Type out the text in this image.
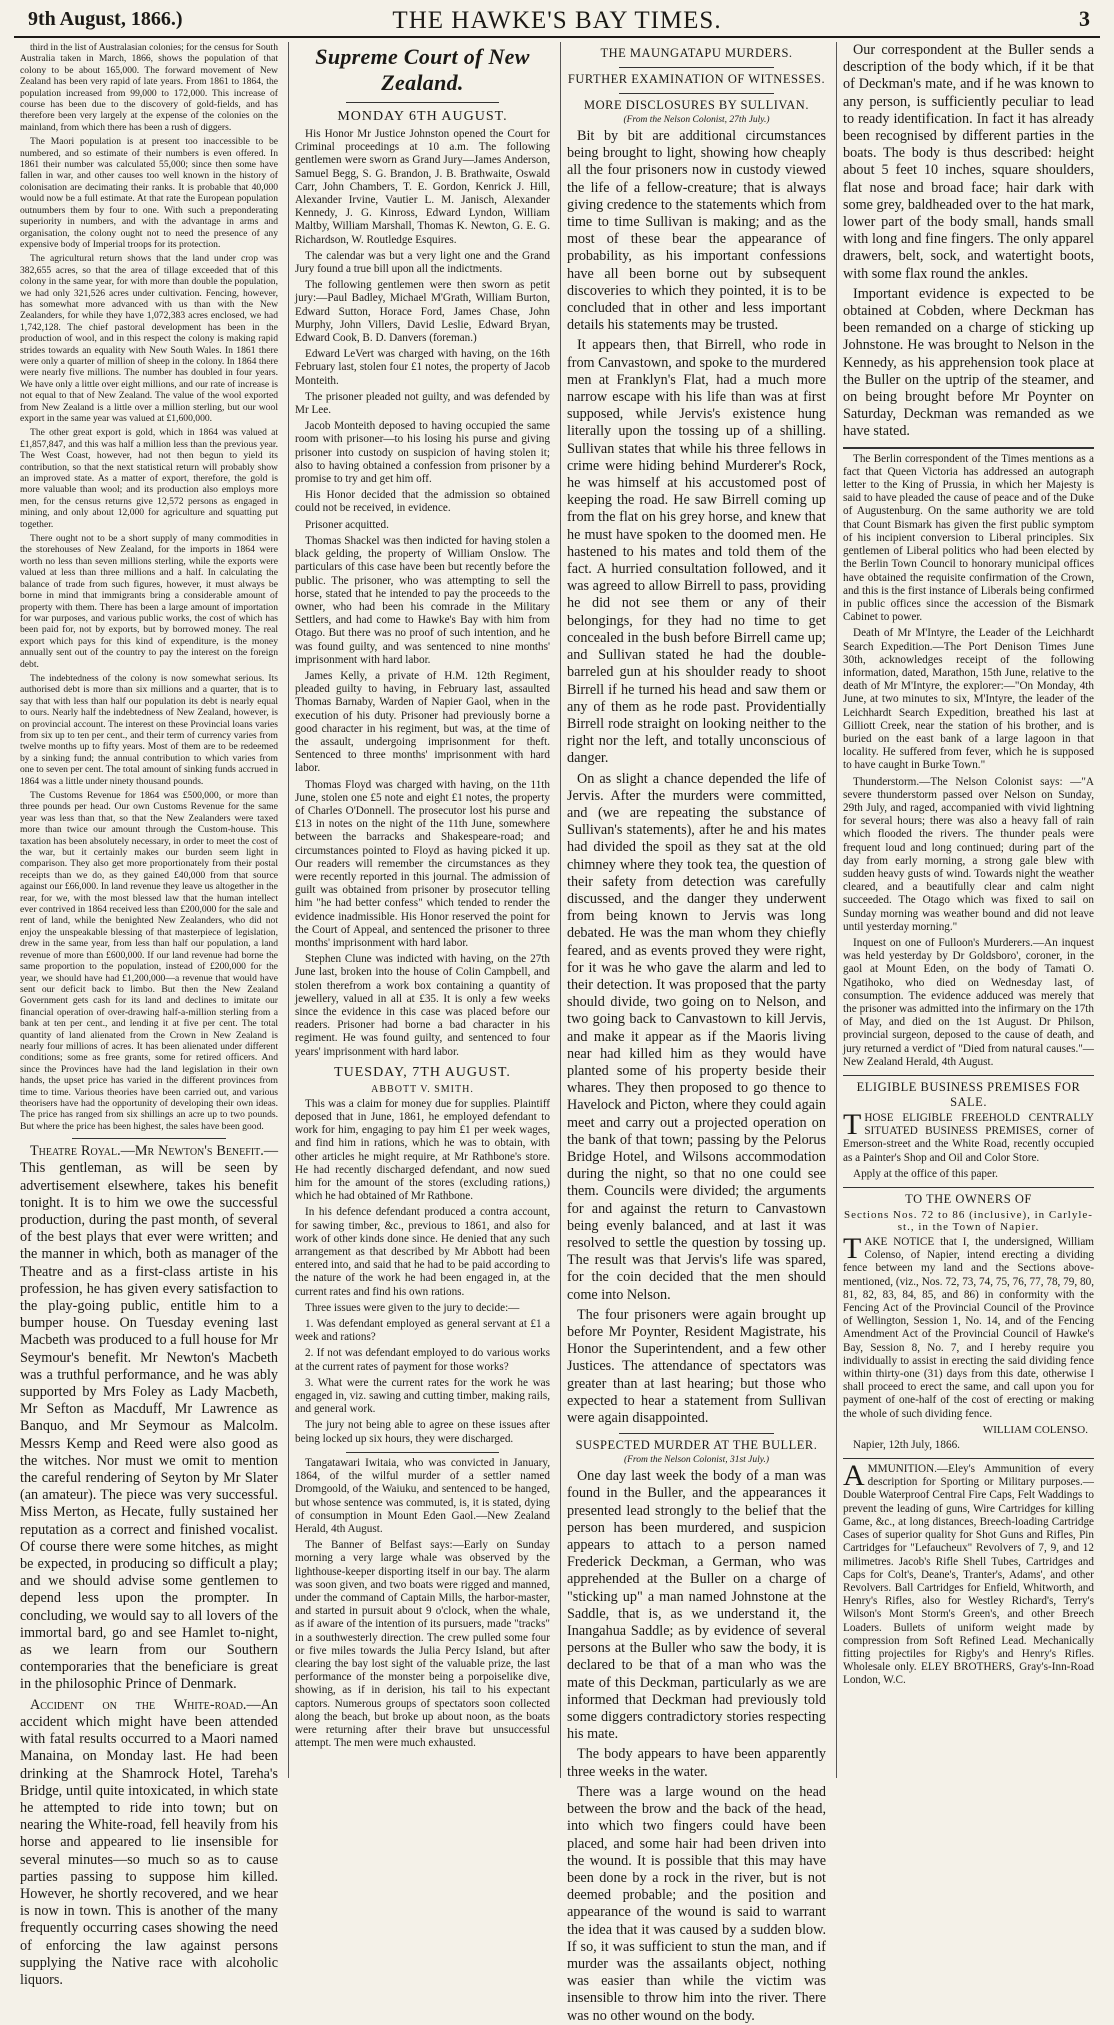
9th August, 1866.)	THE HAWKE'S BAY TIMES.	3

third in the list of Australasian colonies; for the census for South Australia taken in March, 1866, shows the population of that colony to be about 165,000. The forward movement of New Zealand has been very rapid of late years. From 1861 to 1864, the population increased from 99,000 to 172,000. This increase of course has been due to the discovery of gold-fields, and has therefore been very largely at the expense of the colonies on the mainland, from which there has been a rush of diggers.

The Maori population is at present too inaccessible to be numbered, and so estimate of their numbers is even offered. In 1861 their number was calculated 55,000; since then some have fallen in war, and other causes too well known in the history of colonisation are decimating their ranks. It is probable that 40,000 would now be a full estimate. At that rate the European population outnumbers them by four to one. With such a preponderating superiority in numbers, and with the advantage in arms and organisation, the colony ought not to need the presence of any expensive body of Imperial troops for its protection.

The agricultural return shows that the land under crop was 382,655 acres, so that the area of tillage exceeded that of this colony in the same year, for with more than double the population, we had only 321,526 acres under cultivation. Fencing, however, has somewhat more advanced with us than with the New Zealanders, for while they have 1,072,383 acres enclosed, we had 1,742,128. The chief pastoral development has been in the production of wool, and in this respect the colony is making rapid strides towards an equality with New South Wales. In 1861 there were only a quarter of million of sheep in the colony. In 1864 there were nearly five millions. The number has doubled in four years. We have only a little over eight millions, and our rate of increase is not equal to that of New Zealand. The value of the wool exported from New Zealand is a little over a million sterling, but our wool export in the same year was valued at £1,600,000.

The other great export is gold, which in 1864 was valued at £1,857,847, and this was half a million less than the previous year. The West Coast, however, had not then begun to yield its contribution, so that the next statistical return will probably show an improved state. As a matter of export, therefore, the gold is more valuable than wool; and its production also employs more men, for the census returns give 12,572 persons as engaged in mining, and only about 12,000 for agriculture and squatting put together.

There ought not to be a short supply of many commodities in the storehouses of New Zealand, for the imports in 1864 were worth no less than seven millions sterling, while the exports were valued at less than three millions and a half. In calculating the balance of trade from such figures, however, it must always be borne in mind that immigrants bring a considerable amount of property with them. There has been a large amount of importation for war purposes, and various public works, the cost of which has been paid for, not by exports, but by borrowed money. The real export which pays for this kind of expenditure, is the money annually sent out of the country to pay the interest on the foreign debt.

The indebtedness of the colony is now somewhat serious. Its authorised debt is more than six millions and a quarter, that is to say that with less than half our population its debt is nearly equal to ours. Nearly half the indebtedness of New Zealand, however, is on provincial account. The interest on these Provincial loans varies from six up to ten per cent., and their term of currency varies from twelve months up to fifty years. Most of them are to be redeemed by a sinking fund; the annual contribution to which varies from one to seven per cent. The total amount of sinking funds accrued in 1864 was a little under ninety thousand pounds.

The Customs Revenue for 1864 was £500,000, or more than three pounds per head. Our own Customs Revenue for the same year was less than that, so that the New Zealanders were taxed more than twice our amount through the Custom-house. This taxation has been absolutely necessary, in order to meet the cost of the war, but it certainly makes our burden seem light in comparison. They also get more proportionately from their postal receipts than we do, as they gained £40,000 from that source against our £66,000. In land revenue they leave us altogether in the rear, for we, with the most blessed law that the human intellect ever contrived in 1864 received less than £200,000 for the sale and rent of land, while the benighted New Zealanders, who did not enjoy the unspeakable blessing of that masterpiece of legislation, drew in the same year, from less than half our population, a land revenue of more than £600,000. If our land revenue had borne the same proportion to the population, instead of £200,000 for the year, we should have had £1,200,000—a revenue that would have sent our deficit back to limbo. But then the New Zealand Government gets cash for its land and declines to imitate our financial operation of over-drawing half-a-million sterling from a bank at ten per cent., and lending it at five per cent. The total quantity of land alienated from the Crown in New Zealand is nearly four millions of acres. It has been alienated under different conditions; some as free grants, some for retired officers. And since the Provinces have had the land legislation in their own hands, the upset price has varied in the different provinces from time to time. Various theories have been carried out, and various theorisers have had the opportunity of developing their own ideas. The price has ranged from six shillings an acre up to two pounds. But where the price has been highest, the sales have been good.

Theatre Royal.—Mr Newton's Benefit.—This gentleman, as will be seen by advertisement elsewhere, takes his benefit tonight. It is to him we owe the successful production, during the past month, of several of the best plays that ever were written; and the manner in which, both as manager of the Theatre and as a first-class artiste in his profession, he has given every satisfaction to the play-going public, entitle him to a bumper house. On Tuesday evening last Macbeth was produced to a full house for Mr Seymour's benefit. Mr Newton's Macbeth was a truthful performance, and he was ably supported by Mrs Foley as Lady Macbeth, Mr Sefton as Macduff, Mr Lawrence as Banquo, and Mr Seymour as Malcolm. Messrs Kemp and Reed were also good as the witches. Nor must we omit to mention the careful rendering of Seyton by Mr Slater (an amateur). The piece was very successful. Miss Merton, as Hecate, fully sustained her reputation as a correct and finished vocalist. Of course there were some hitches, as might be expected, in producing so difficult a play; and we should advise some gentlemen to depend less upon the prompter. In concluding, we would say to all lovers of the immortal bard, go and see Hamlet to-night, as we learn from our Southern contemporaries that the beneficiare is great in the philosophic Prince of Denmark.

Accident on the White-road.—An accident which might have been attended with fatal results occurred to a Maori named Manaina, on Monday last. He had been drinking at the Shamrock Hotel, Tareha's Bridge, until quite intoxicated, in which state he attempted to ride into town; but on nearing the White-road, fell heavily from his horse and appeared to lie insensible for several minutes—so much so as to cause parties passing to suppose him killed. However, he shortly recovered, and we hear is now in town. This is another of the many frequently occurring cases showing the need of enforcing the law against persons supplying the Native race with alcoholic liquors.

Supreme Court of New Zealand.
MONDAY 6TH AUGUST.

His Honor Mr Justice Johnston opened the Court for Criminal proceedings at 10 a.m. The following gentlemen were sworn as Grand Jury—James Anderson, Samuel Begg, S. G. Brandon, J. B. Brathwaite, Oswald Carr, John Chambers, T. E. Gordon, Kenrick J. Hill, Alexander Irvine, Vautier L. M. Janisch, Alexander Kennedy, J. G. Kinross, Edward Lyndon, William Maltby, William Marshall, Thomas K. Newton, G. E. G. Richardson, W. Routledge Esquires.

The calendar was but a very light one and the Grand Jury found a true bill upon all the indictments.

The following gentlemen were then sworn as petit jury:—Paul Badley, Michael M'Grath, William Burton, Edward Sutton, Horace Ford, James Chase, John Murphy, John Villers, David Leslie, Edward Bryan, Edward Cook, B. D. Danvers (foreman.)

Edward LeVert was charged with having, on the 16th February last, stolen four £1 notes, the property of Jacob Monteith.

The prisoner pleaded not guilty, and was defended by Mr Lee.

Jacob Monteith deposed to having occupied the same room with prisoner—to his losing his purse and giving prisoner into custody on suspicion of having stolen it; also to having obtained a confession from prisoner by a promise to try and get him off.

His Honor decided that the admission so obtained could not be received, in evidence.

Prisoner acquitted.

Thomas Shackel was then indicted for having stolen a black gelding, the property of William Onslow. The particulars of this case have been but recently before the public. The prisoner, who was attempting to sell the horse, stated that he intended to pay the proceeds to the owner, who had been his comrade in the Military Settlers, and had come to Hawke's Bay with him from Otago. But there was no proof of such intention, and he was found guilty, and was sentenced to nine months' imprisonment with hard labor.

James Kelly, a private of H.M. 12th Regiment, pleaded guilty to having, in February last, assaulted Thomas Barnaby, Warden of Napier Gaol, when in the execution of his duty. Prisoner had previously borne a good character in his regiment, but was, at the time of the assault, undergoing imprisonment for theft. Sentenced to three months' imprisonment with hard labor.

Thomas Floyd was charged with having, on the 11th June, stolen one £5 note and eight £1 notes, the property of Charles O'Donnell. The prosecutor lost his purse and £13 in notes on the night of the 11th June, somewhere between the barracks and Shakespeare-road; and circumstances pointed to Floyd as having picked it up. Our readers will remember the circumstances as they were recently reported in this journal. The admission of guilt was obtained from prisoner by prosecutor telling him "he had better confess" which tended to render the evidence inadmissible. His Honor reserved the point for the Court of Appeal, and sentenced the prisoner to three months' imprisonment with hard labor.

Stephen Clune was indicted with having, on the 27th June last, broken into the house of Colin Campbell, and stolen therefrom a work box containing a quantity of jewellery, valued in all at £35. It is only a few weeks since the evidence in this case was placed before our readers. Prisoner had borne a bad character in his regiment. He was found guilty, and sentenced to four years' imprisonment with hard labor.

TUESDAY, 7TH AUGUST.
ABBOTT V. SMITH.

This was a claim for money due for supplies. Plaintiff deposed that in June, 1861, he employed defendant to work for him, engaging to pay him £1 per week wages, and find him in rations, which he was to obtain, with other articles he might require, at Mr Rathbone's store. He had recently discharged defendant, and now sued him for the amount of the stores (excluding rations,) which he had obtained of Mr Rathbone.

In his defence defendant produced a contra account, for sawing timber, &c., previous to 1861, and also for work of other kinds done since. He denied that any such arrangement as that described by Mr Abbott had been entered into, and said that he had to be paid according to the nature of the work he had been engaged in, at the current rates and find his own rations.

Three issues were given to the jury to decide:—

1. Was defendant employed as general servant at £1 a week and rations?

2. If not was defendant employed to do various works at the current rates of payment for those works?

3. What were the current rates for the work he was engaged in, viz. sawing and cutting timber, making rails, and general work.

The jury not being able to agree on these issues after being locked up six hours, they were discharged.

Tangatawari Iwitaia, who was convicted in January, 1864, of the wilful murder of a settler named Dromgoold, of the Waiuku, and sentenced to be hanged, but whose sentence was commuted, is, it is stated, dying of consumption in Mount Eden Gaol.—New Zealand Herald, 4th August.

The Banner of Belfast says:—Early on Sunday morning a very large whale was observed by the lighthouse-keeper disporting itself in our bay. The alarm was soon given, and two boats were rigged and manned, under the command of Captain Mills, the harbor-master, and started in pursuit about 9 o'clock, when the whale, as if aware of the intention of its pursuers, made "tracks" in a southwesterly direction. The crew pulled some four or five miles towards the Julia Percy Island, but after clearing the bay lost sight of the valuable prize, the last performance of the monster being a porpoiselike dive, showing, as if in derision, his tail to his expectant captors. Numerous groups of spectators soon collected along the beach, but broke up about noon, as the boats were returning after their brave but unsuccessful attempt. The men were much exhausted.

THE MAUNGATAPU MURDERS.
FURTHER EXAMINATION OF WITNESSES.
MORE DISCLOSURES BY SULLIVAN.
(From the Nelson Colonist, 27th July.)

Bit by bit are additional circumstances being brought to light, showing how cheaply all the four prisoners now in custody viewed the life of a fellow-creature; that is always giving credence to the statements which from time to time Sullivan is making; and as the most of these bear the appearance of probability, as his important confessions have all been borne out by subsequent discoveries to which they pointed, it is to be concluded that in other and less important details his statements may be trusted.

It appears then, that Birrell, who rode in from Canvastown, and spoke to the murdered men at Franklyn's Flat, had a much more narrow escape with his life than was at first supposed, while Jervis's existence hung literally upon the tossing up of a shilling. Sullivan states that while his three fellows in crime were hiding behind Murderer's Rock, he was himself at his accustomed post of keeping the road. He saw Birrell coming up from the flat on his grey horse, and knew that he must have spoken to the doomed men. He hastened to his mates and told them of the fact. A hurried consultation followed, and it was agreed to allow Birrell to pass, providing he did not see them or any of their belongings, for they had no time to get concealed in the bush before Birrell came up; and Sullivan stated he had the double-barreled gun at his shoulder ready to shoot Birrell if he turned his head and saw them or any of them as he rode past. Providentially Birrell rode straight on looking neither to the right nor the left, and totally unconscious of danger.

On as slight a chance depended the life of Jervis. After the murders were committed, and (we are repeating the substance of Sullivan's statements), after he and his mates had divided the spoil as they sat at the old chimney where they took tea, the question of their safety from detection was carefully discussed, and the danger they underwent from being known to Jervis was long debated. He was the man whom they chiefly feared, and as events proved they were right, for it was he who gave the alarm and led to their detection. It was proposed that the party should divide, two going on to Nelson, and two going back to Canvastown to kill Jervis, and make it appear as if the Maoris living near had killed him as they would have planted some of his property beside their whares. They then proposed to go thence to Havelock and Picton, where they could again meet and carry out a projected operation on the bank of that town; passing by the Pelorus Bridge Hotel, and Wilsons accommodation during the night, so that no one could see them. Councils were divided; the arguments for and against the return to Canvastown being evenly balanced, and at last it was resolved to settle the question by tossing up. The result was that Jervis's life was spared, for the coin decided that the men should come into Nelson.

The four prisoners were again brought up before Mr Poynter, Resident Magistrate, his Honor the Superintendent, and a few other Justices. The attendance of spectators was greater than at last hearing; but those who expected to hear a statement from Sullivan were again disappointed.

SUSPECTED MURDER AT THE BULLER.
(From the Nelson Colonist, 31st July.)

One day last week the body of a man was found in the Buller, and the appearances it presented lead strongly to the belief that the person has been murdered, and suspicion appears to attach to a person named Frederick Deckman, a German, who was apprehended at the Buller on a charge of "sticking up" a man named Johnstone at the Saddle, that is, as we understand it, the Inangahua Saddle; as by evidence of several persons at the Buller who saw the body, it is declared to be that of a man who was the mate of this Deckman, particularly as we are informed that Deckman had previously told some diggers contradictory stories respecting his mate.

The body appears to have been apparently three weeks in the water.

There was a large wound on the head between the brow and the back of the head, into which two fingers could have been placed, and some hair had been driven into the wound. It is possible that this may have been done by a rock in the river, but is not deemed probable; and the position and appearance of the wound is said to warrant the idea that it was caused by a sudden blow. If so, it was sufficient to stun the man, and if murder was the assailants object, nothing was easier than while the victim was insensible to throw him into the river. There was no other wound on the body.

Our correspondent at the Buller sends a description of the body which, if it be that of Deckman's mate, and if he was known to any person, is sufficiently peculiar to lead to ready identification. In fact it has already been recognised by different parties in the boats. The body is thus described: height about 5 feet 10 inches, square shoulders, flat nose and broad face; hair dark with some grey, baldheaded over to the hat mark, lower part of the body small, hands small with long and fine fingers. The only apparel drawers, belt, sock, and watertight boots, with some flax round the ankles.

Important evidence is expected to be obtained at Cobden, where Deckman has been remanded on a charge of sticking up Johnstone. He was brought to Nelson in the Kennedy, as his apprehension took place at the Buller on the uptrip of the steamer, and on being brought before Mr Poynter on Saturday, Deckman was remanded as we have stated.

The Berlin correspondent of the Times mentions as a fact that Queen Victoria has addressed an autograph letter to the King of Prussia, in which her Majesty is said to have pleaded the cause of peace and of the Duke of Augustenburg. On the same authority we are told that Count Bismark has given the first public symptom of his incipient conversion to Liberal principles. Six gentlemen of Liberal politics who had been elected by the Berlin Town Council to honorary municipal offices have obtained the requisite confirmation of the Crown, and this is the first instance of Liberals being confirmed in public offices since the accession of the Bismark Cabinet to power.

Death of Mr M'Intyre, the Leader of the Leichhardt Search Expedition.—The Port Denison Times June 30th, acknowledges receipt of the following information, dated, Marathon, 15th June, relative to the death of Mr M'Intyre, the explorer:—"On Monday, 4th June, at two minutes to six, M'Intyre, the leader of the Leichhardt Search Expedition, breathed his last at Gilliott Creek, near the station of his brother, and is buried on the east bank of a large lagoon in that locality. He suffered from fever, which he is supposed to have caught in Burke Town."

Thunderstorm.—The Nelson Colonist says: —"A severe thunderstorm passed over Nelson on Sunday, 29th July, and raged, accompanied with vivid lightning for several hours; there was also a heavy fall of rain which flooded the rivers. The thunder peals were frequent loud and long continued; during part of the day from early morning, a strong gale blew with sudden heavy gusts of wind. Towards night the weather cleared, and a beautifully clear and calm night succeeded. The Otago which was fixed to sail on Sunday morning was weather bound and did not leave until yesterday morning."

Inquest on one of Fulloon's Murderers.—An inquest was held yesterday by Dr Goldsboro', coroner, in the gaol at Mount Eden, on the body of Tamati O. Ngatihoko, who died on Wednesday last, of consumption. The evidence adduced was merely that the prisoner was admitted into the infirmary on the 17th of May, and died on the 1st August. Dr Philson, provincial surgeon, deposed to the cause of death, and jury returned a verdict of "Died from natural causes."—New Zealand Herald, 4th August.

ELIGIBLE BUSINESS PREMISES FOR SALE.

THOSE ELIGIBLE FREEHOLD CENTRALLY SITUATED BUSINESS PREMISES, corner of Emerson-street and the White Road, recently occupied as a Painter's Shop and Oil and Color Store.

Apply at the office of this paper.

TO THE OWNERS OF
Sections Nos. 72 to 86 (inclusive), in Carlyle-st., in the Town of Napier.

TAKE NOTICE that I, the undersigned, William Colenso, of Napier, intend erecting a dividing fence between my land and the Sections above-mentioned, (viz., Nos. 72, 73, 74, 75, 76, 77, 78, 79, 80, 81, 82, 83, 84, 85, and 86) in conformity with the Fencing Act of the Provincial Council of the Province of Wellington, Session 1, No. 14, and of the Fencing Amendment Act of the Provincial Council of Hawke's Bay, Session 8, No. 7, and I hereby require you individually to assist in erecting the said dividing fence within thirty-one (31) days from this date, otherwise I shall proceed to erect the same, and call upon you for payment of one-half of the cost of erecting or making the whole of such dividing fence.

WILLIAM COLENSO.

Napier, 12th July, 1866.

AMMUNITION.—Eley's Ammunition of every description for Sporting or Military purposes.—Double Waterproof Central Fire Caps, Felt Waddings to prevent the leading of guns, Wire Cartridges for killing Game, &c., at long distances, Breech-loading Cartridge Cases of superior quality for Shot Guns and Rifles, Pin Cartridges for "Lefaucheux" Revolvers of 7, 9, and 12 milimetres. Jacob's Rifle Shell Tubes, Cartridges and Caps for Colt's, Deane's, Tranter's, Adams', and other Revolvers. Ball Cartridges for Enfield, Whitworth, and Henry's Rifles, also for Westley Richard's, Terry's Wilson's Mont Storm's Green's, and other Breech Loaders. Bullets of uniform weight made by compression from Soft Refined Lead. Mechanically fitting projectiles for Rigby's and Henry's Rifles. Wholesale only. ELEY BROTHERS, Gray's-Inn-Road London, W.C.
